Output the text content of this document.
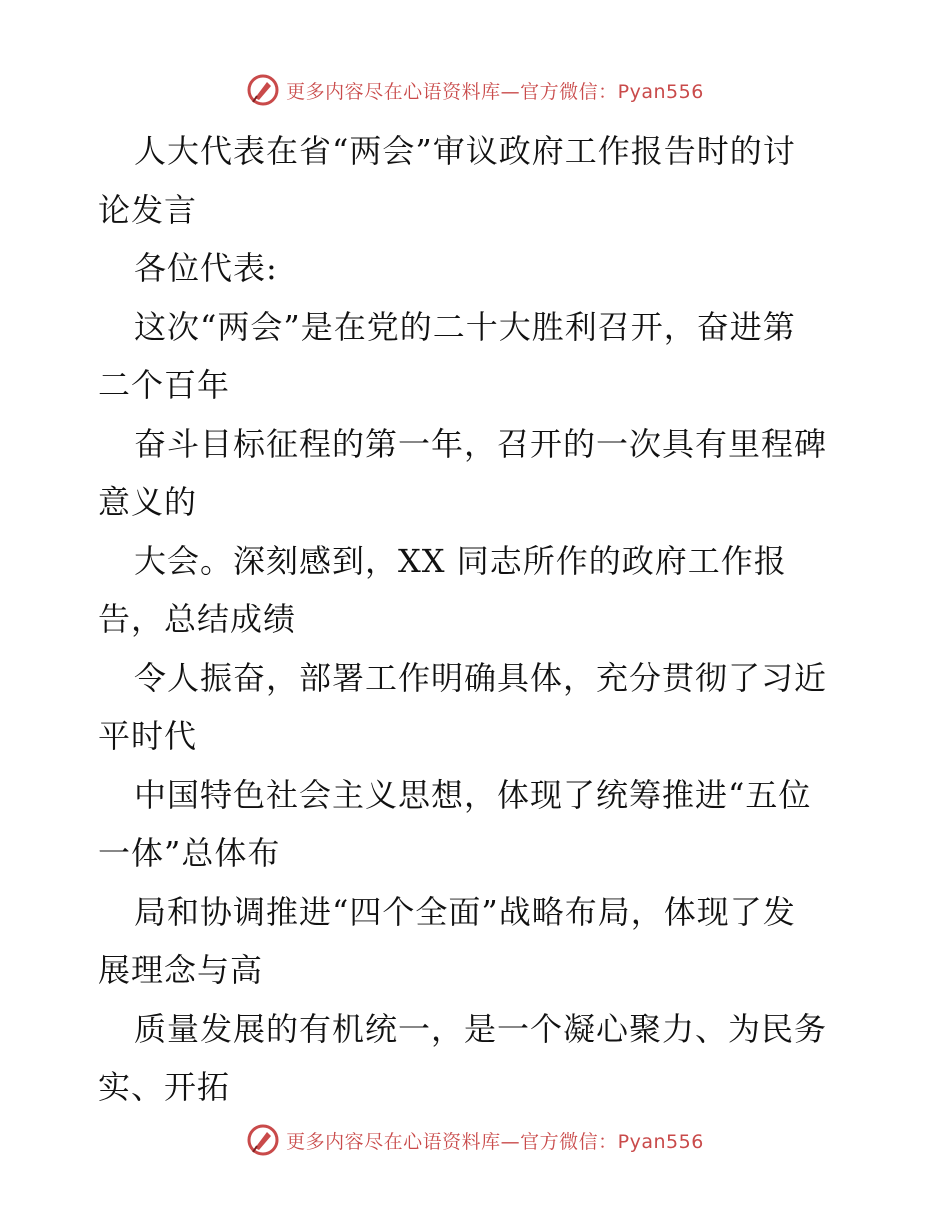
更多内容尽在心语资料库—官方微信：Pyan556
人大代表在省“两会”审议政府工作报告时的讨
论发言
各位代表:
这次“两会”是在党的二十大胜利召开，奋进第
二个百年
奋斗目标征程的第一年，召开的一次具有里程碑
意义的
大会。深刻感到，XX 同志所作的政府工作报
告，总结成绩
令人振奋，部署工作明确具体，充分贯彻了习近
平时代
中国特色社会主义思想，体现了统筹推进“五位
一体”总体布
局和协调推进“四个全面”战略布局，体现了发
展理念与高
质量发展的有机统一，是一个凝心聚力、为民务
实、开拓
更多内容尽在心语资料库—官方微信：Pyan556
